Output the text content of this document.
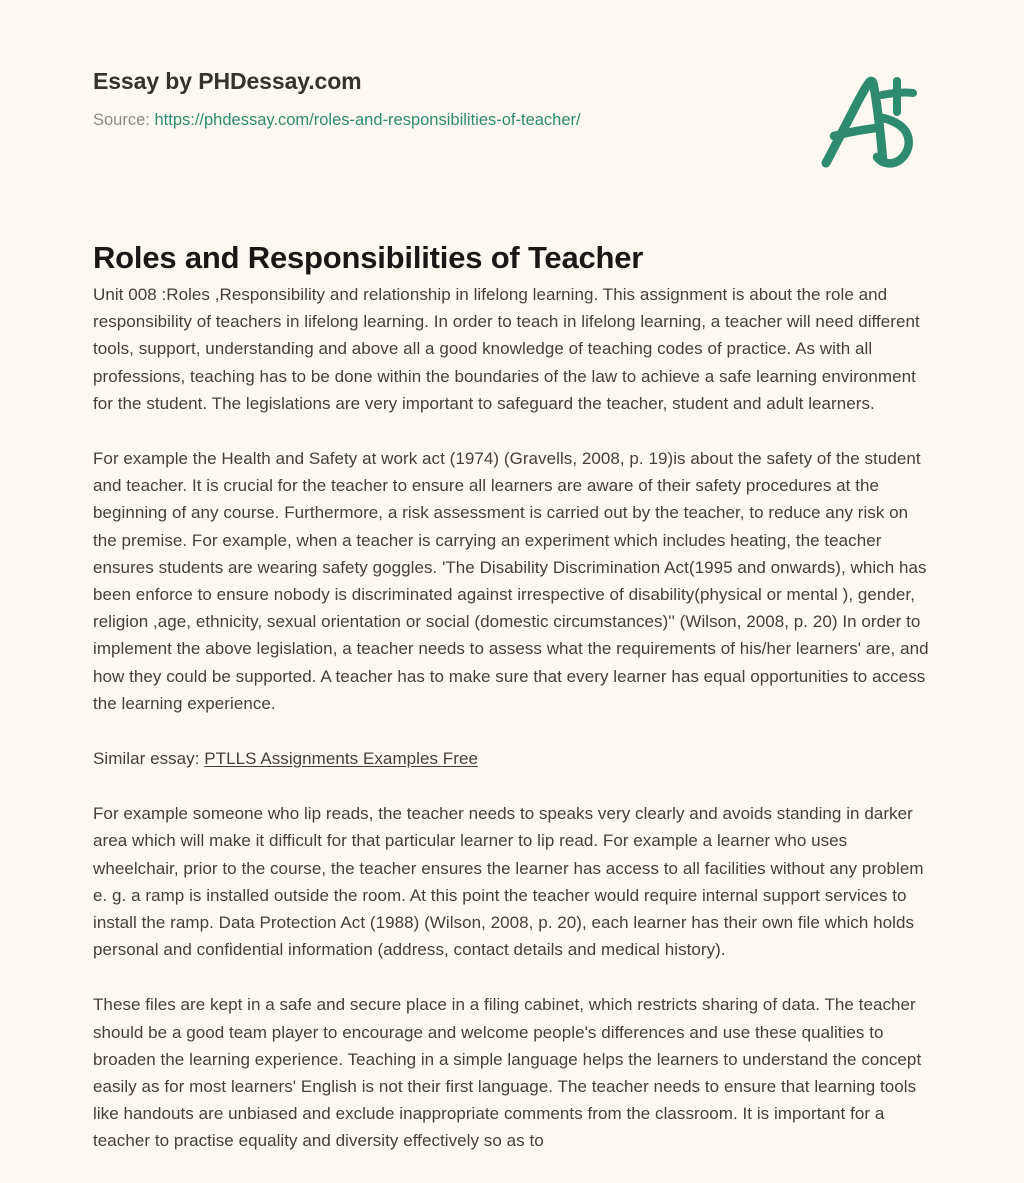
Essay by PHDessay.com
Source: https://phdessay.com/roles-and-responsibilities-of-teacher/
Roles and Responsibilities of Teacher

Unit 008 :Roles ,Responsibility and relationship in lifelong learning. This assignment is about the role and responsibility of teachers in lifelong learning. In order to teach in lifelong learning, a teacher will need different tools, support, understanding and above all a good knowledge of teaching codes of practice. As with all professions, teaching has to be done within the boundaries of the law to achieve a safe learning environment for the student. The legislations are very important to safeguard the teacher, student and adult learners.

For example the Health and Safety at work act (1974) (Gravells, 2008, p. 19)is about the safety of the student and teacher. It is crucial for the teacher to ensure all learners are aware of their safety procedures at the beginning of any course. Furthermore, a risk assessment is carried out by the teacher, to reduce any risk on the premise. For example, when a teacher is carrying an experiment which includes heating, the teacher ensures students are wearing safety goggles. 'The Disability Discrimination Act(1995 and onwards), which has been enforce to ensure nobody is discriminated against irrespective of disability(physical or mental ), gender, religion ,age, ethnicity, sexual orientation or social (domestic circumstances)'' (Wilson, 2008, p. 20) In order to implement the above legislation, a teacher needs to assess what the requirements of his/her learners' are, and how they could be supported. A teacher has to make sure that every learner has equal opportunities to access the learning experience.

Similar essay: PTLLS Assignments Examples Free

For example someone who lip reads, the teacher needs to speaks very clearly and avoids standing in darker area which will make it difficult for that particular learner to lip read. For example a learner who uses wheelchair, prior to the course, the teacher ensures the learner has access to all facilities without any problem e. g. a ramp is installed outside the room. At this point the teacher would require internal support services to install the ramp. Data Protection Act (1988) (Wilson, 2008, p. 20), each learner has their own file which holds personal and confidential information (address, contact details and medical history).

These files are kept in a safe and secure place in a filing cabinet, which restricts sharing of data. The teacher should be a good team player to encourage and welcome people's differences and use these qualities to broaden the learning experience. Teaching in a simple language helps the learners to understand the concept easily as for most learners' English is not their first language. The teacher needs to ensure that learning tools like handouts are unbiased and exclude inappropriate comments from the classroom. It is important for a teacher to practise equality and diversity effectively so as to
